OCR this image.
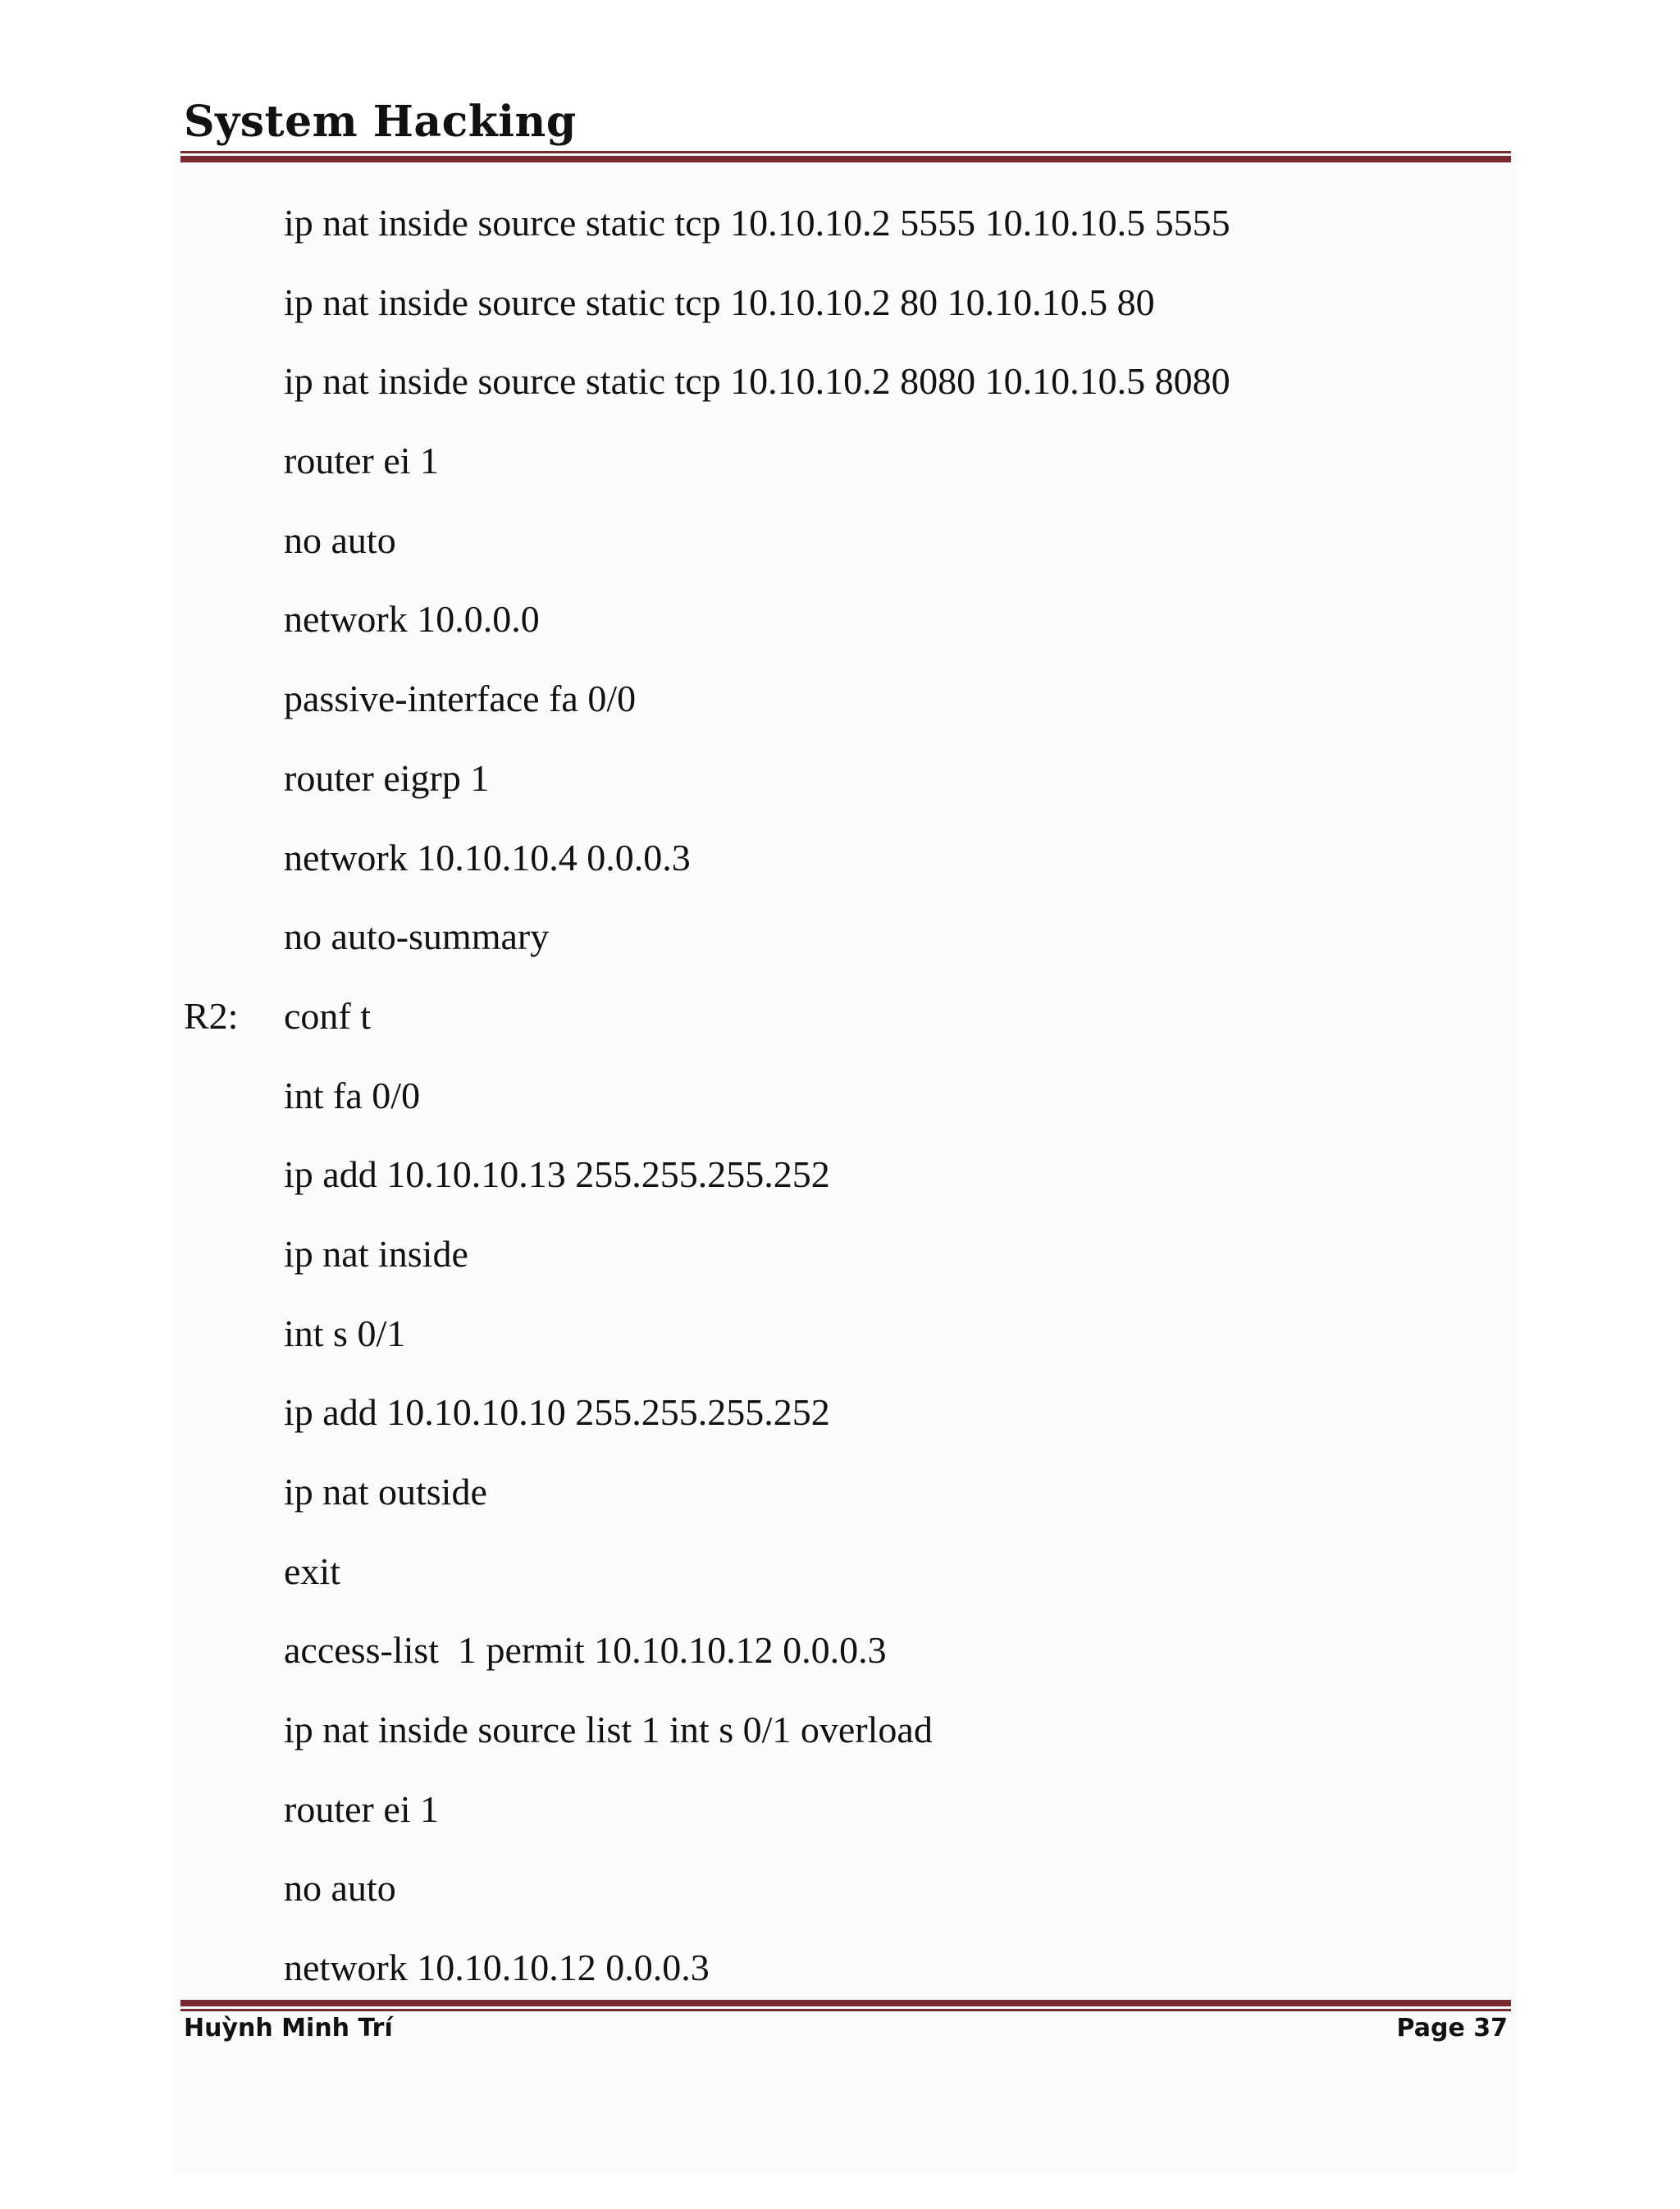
System Hacking

ip nat inside source static tcp 10.10.10.2 5555 10.10.10.5 5555

ip nat inside source static tcp 10.10.10.2 80 10.10.10.5 80

ip nat inside source static tcp 10.10.10.2 8080 10.10.10.5 8080

router ei 1

no auto

network 10.0.0.0

passive-interface fa 0/0

router eigrp 1

network 10.10.10.4 0.0.0.3

no auto-summary

R2:

conf t

int fa 0/0

ip add 10.10.10.13 255.255.255.252

ip nat inside

int s 0/1

ip add 10.10.10.10 255.255.255.252

ip nat outside

exit

access-list  1 permit 10.10.10.12 0.0.0.3

ip nat inside source list 1 int s 0/1 overload

router ei 1

no auto

network 10.10.10.12 0.0.0.3

Huỳnh Minh Trí	Page 37
